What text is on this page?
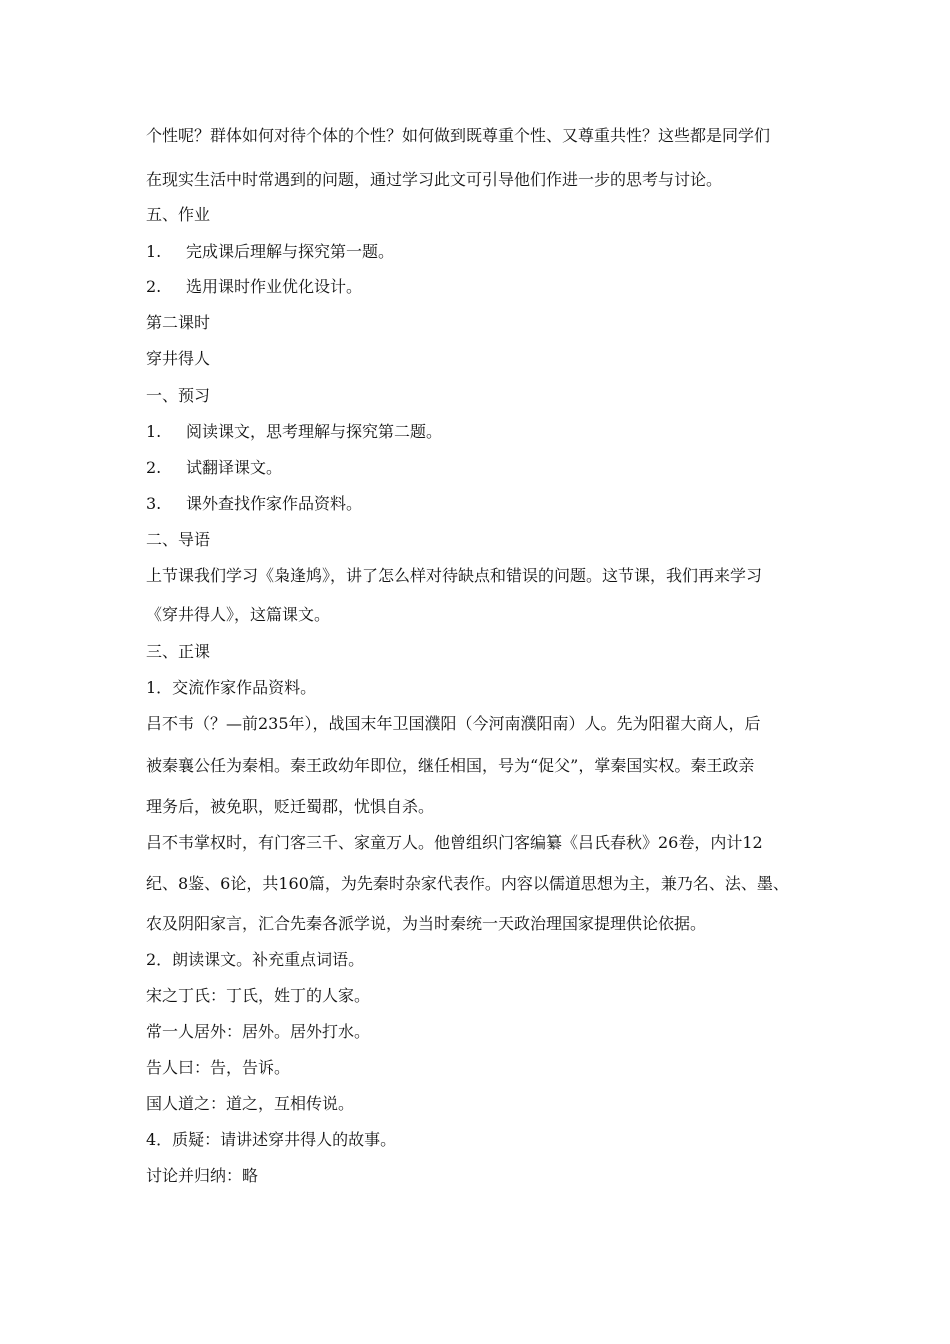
个性呢？群体如何对待个体的个性？如何做到既尊重个性、又尊重共性？这些都是同学们
在现实生活中时常遇到的问题，通过学习此文可引导他们作进一步的思考与讨论。
五、作业
1. 完成课后理解与探究第一题。
2. 选用课时作业优化设计。
第二课时
穿井得人
一、预习
1. 阅读课文，思考理解与探究第二题。
2. 试翻译课文。
3. 课外查找作家作品资料。
二、导语
上节课我们学习《枭逢鸠》，讲了怎么样对待缺点和错误的问题。这节课，我们再来学习
《穿井得人》，这篇课文。
三、正课
1．交流作家作品资料。
吕不韦（？—前235年），战国末年卫国濮阳（今河南濮阳南）人。先为阳翟大商人，后
被秦襄公任为秦相。秦王政幼年即位，继任相国，号为“促父”，掌秦国实权。秦王政亲
理务后，被免职，贬迁蜀郡，忧惧自杀。
吕不韦掌权时，有门客三千、家童万人。他曾组织门客编纂《吕氏春秋》26卷，内计12
纪、8鉴、6论，共160篇，为先秦时杂家代表作。内容以儒道思想为主，兼乃名、法、墨、
农及阴阳家言，汇合先秦各派学说，为当时秦统一天政治理国家提理供论依据。
2．朗读课文。补充重点词语。
宋之丁氏：丁氏，姓丁的人家。
常一人居外：居外。居外打水。
告人曰：告，告诉。
国人道之：道之，互相传说。
4．质疑：请讲述穿井得人的故事。
讨论并归纳：略
